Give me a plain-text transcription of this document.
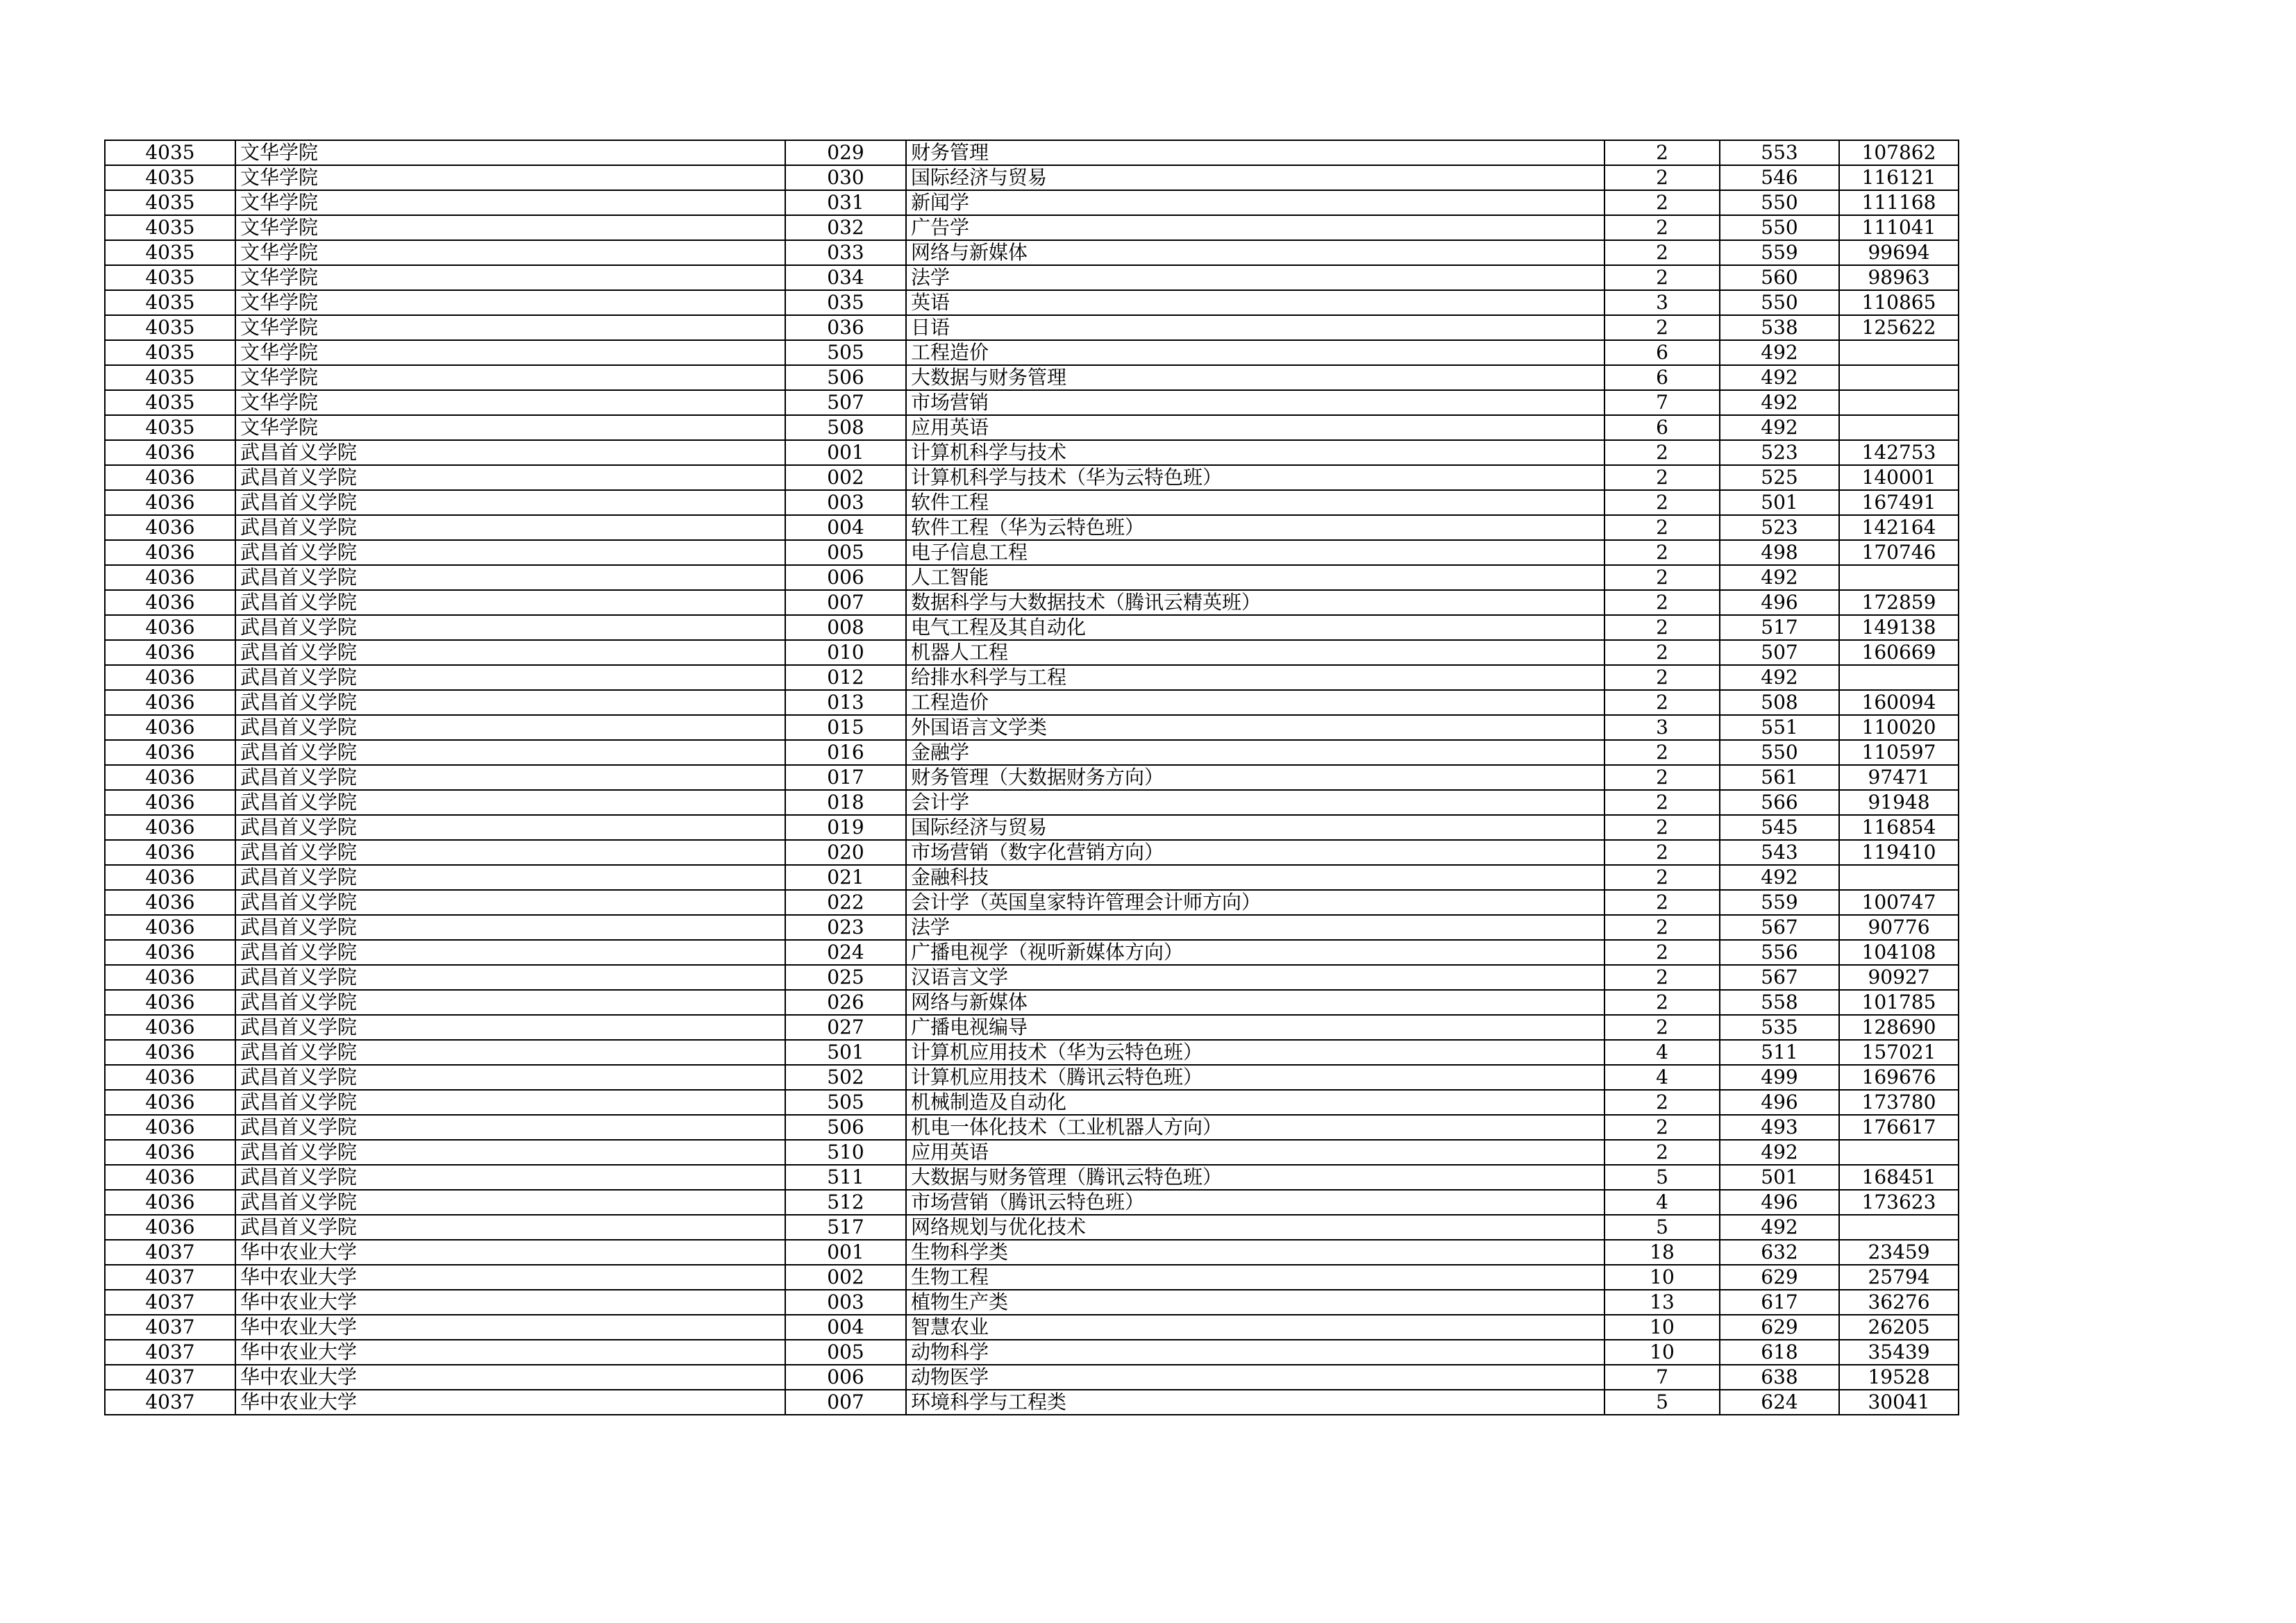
4035	文华学院	029	财务管理	2	553	107862
4035	文华学院	030	国际经济与贸易	2	546	116121
4035	文华学院	031	新闻学	2	550	111168
4035	文华学院	032	广告学	2	550	111041
4035	文华学院	033	网络与新媒体	2	559	99694
4035	文华学院	034	法学	2	560	98963
4035	文华学院	035	英语	3	550	110865
4035	文华学院	036	日语	2	538	125622
4035	文华学院	505	工程造价	6	492	
4035	文华学院	506	大数据与财务管理	6	492	
4035	文华学院	507	市场营销	7	492	
4035	文华学院	508	应用英语	6	492	
4036	武昌首义学院	001	计算机科学与技术	2	523	142753
4036	武昌首义学院	002	计算机科学与技术（华为云特色班）	2	525	140001
4036	武昌首义学院	003	软件工程	2	501	167491
4036	武昌首义学院	004	软件工程（华为云特色班）	2	523	142164
4036	武昌首义学院	005	电子信息工程	2	498	170746
4036	武昌首义学院	006	人工智能	2	492	
4036	武昌首义学院	007	数据科学与大数据技术（腾讯云精英班）	2	496	172859
4036	武昌首义学院	008	电气工程及其自动化	2	517	149138
4036	武昌首义学院	010	机器人工程	2	507	160669
4036	武昌首义学院	012	给排水科学与工程	2	492	
4036	武昌首义学院	013	工程造价	2	508	160094
4036	武昌首义学院	015	外国语言文学类	3	551	110020
4036	武昌首义学院	016	金融学	2	550	110597
4036	武昌首义学院	017	财务管理（大数据财务方向）	2	561	97471
4036	武昌首义学院	018	会计学	2	566	91948
4036	武昌首义学院	019	国际经济与贸易	2	545	116854
4036	武昌首义学院	020	市场营销（数字化营销方向）	2	543	119410
4036	武昌首义学院	021	金融科技	2	492	
4036	武昌首义学院	022	会计学（英国皇家特许管理会计师方向）	2	559	100747
4036	武昌首义学院	023	法学	2	567	90776
4036	武昌首义学院	024	广播电视学（视听新媒体方向）	2	556	104108
4036	武昌首义学院	025	汉语言文学	2	567	90927
4036	武昌首义学院	026	网络与新媒体	2	558	101785
4036	武昌首义学院	027	广播电视编导	2	535	128690
4036	武昌首义学院	501	计算机应用技术（华为云特色班）	4	511	157021
4036	武昌首义学院	502	计算机应用技术（腾讯云特色班）	4	499	169676
4036	武昌首义学院	505	机械制造及自动化	2	496	173780
4036	武昌首义学院	506	机电一体化技术（工业机器人方向）	2	493	176617
4036	武昌首义学院	510	应用英语	2	492	
4036	武昌首义学院	511	大数据与财务管理（腾讯云特色班）	5	501	168451
4036	武昌首义学院	512	市场营销（腾讯云特色班）	4	496	173623
4036	武昌首义学院	517	网络规划与优化技术	5	492	
4037	华中农业大学	001	生物科学类	18	632	23459
4037	华中农业大学	002	生物工程	10	629	25794
4037	华中农业大学	003	植物生产类	13	617	36276
4037	华中农业大学	004	智慧农业	10	629	26205
4037	华中农业大学	005	动物科学	10	618	35439
4037	华中农业大学	006	动物医学	7	638	19528
4037	华中农业大学	007	环境科学与工程类	5	624	30041
